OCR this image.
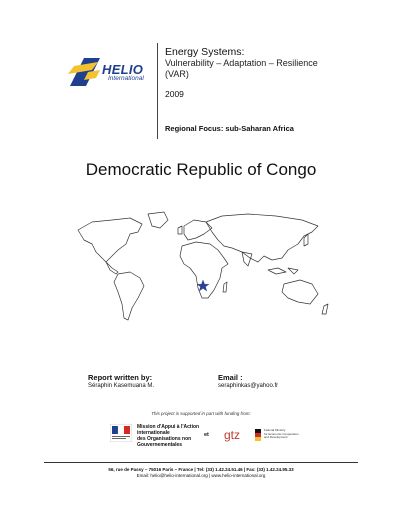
HELIO
International
Energy Systems:
Vulnerability – Adaptation – Resilience
(VAR)
2009
Regional Focus: sub-Saharan Africa
Democratic Republic of Congo
Report written by:
Séraphin Kasemuana M.
Email :
seraphinkas@yahoo.fr
This project is supported in part with funding from:
Mission d'Appui à l'Action
internationale
des Organisations non
Gouvernementales
et gtz	Federal Ministry
for Economic Cooperation
and Development
56, rue de Passy – 75016 Paris – France | Tel: (33) 1.42.24.51.46 | Fax: (33) 1.42.24.95.33
Email: helio@helio-international.org | www.helio-international.org
